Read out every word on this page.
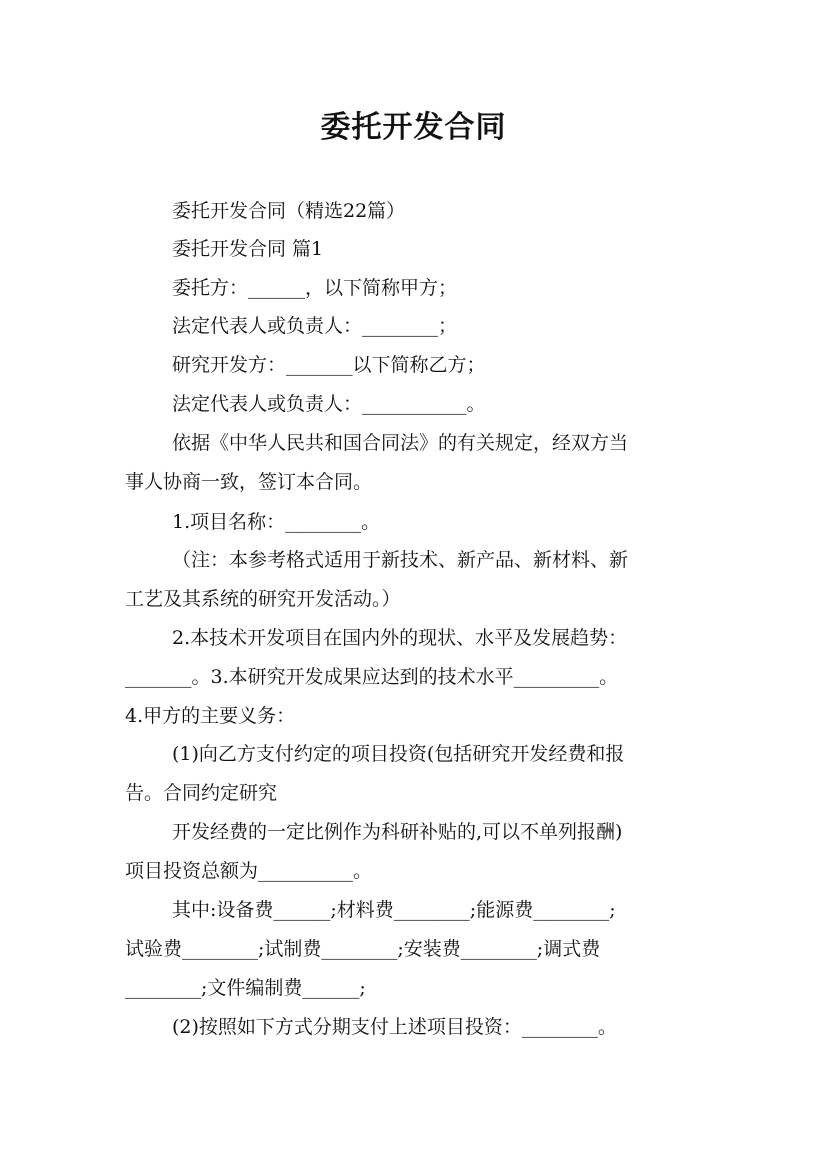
委托开发合同
委托开发合同（精选22篇）
委托开发合同 篇1
委托方：______，以下简称甲方；
法定代表人或负责人：________；
研究开发方：_______以下简称乙方；
法定代表人或负责人：___________。
依据《中华人民共和国合同法》的有关规定，经双方当
事人协商一致，签订本合同。
1.项目名称：________。
（注：本参考格式适用于新技术、新产品、新材料、新
工艺及其系统的研究开发活动。）
2.本技术开发项目在国内外的现状、水平及发展趋势：
_______。3.本研究开发成果应达到的技术水平_________。
4.甲方的主要义务：
(1)向乙方支付约定的项目投资(包括研究开发经费和报
告。合同约定研究
开发经费的一定比例作为科研补贴的,可以不单列报酬)
项目投资总额为__________。
其中:设备费______;材料费________;能源费________;
试验费________;试制费________;安装费________;调式费
________;文件编制费______;
(2)按照如下方式分期支付上述项目投资：________。
